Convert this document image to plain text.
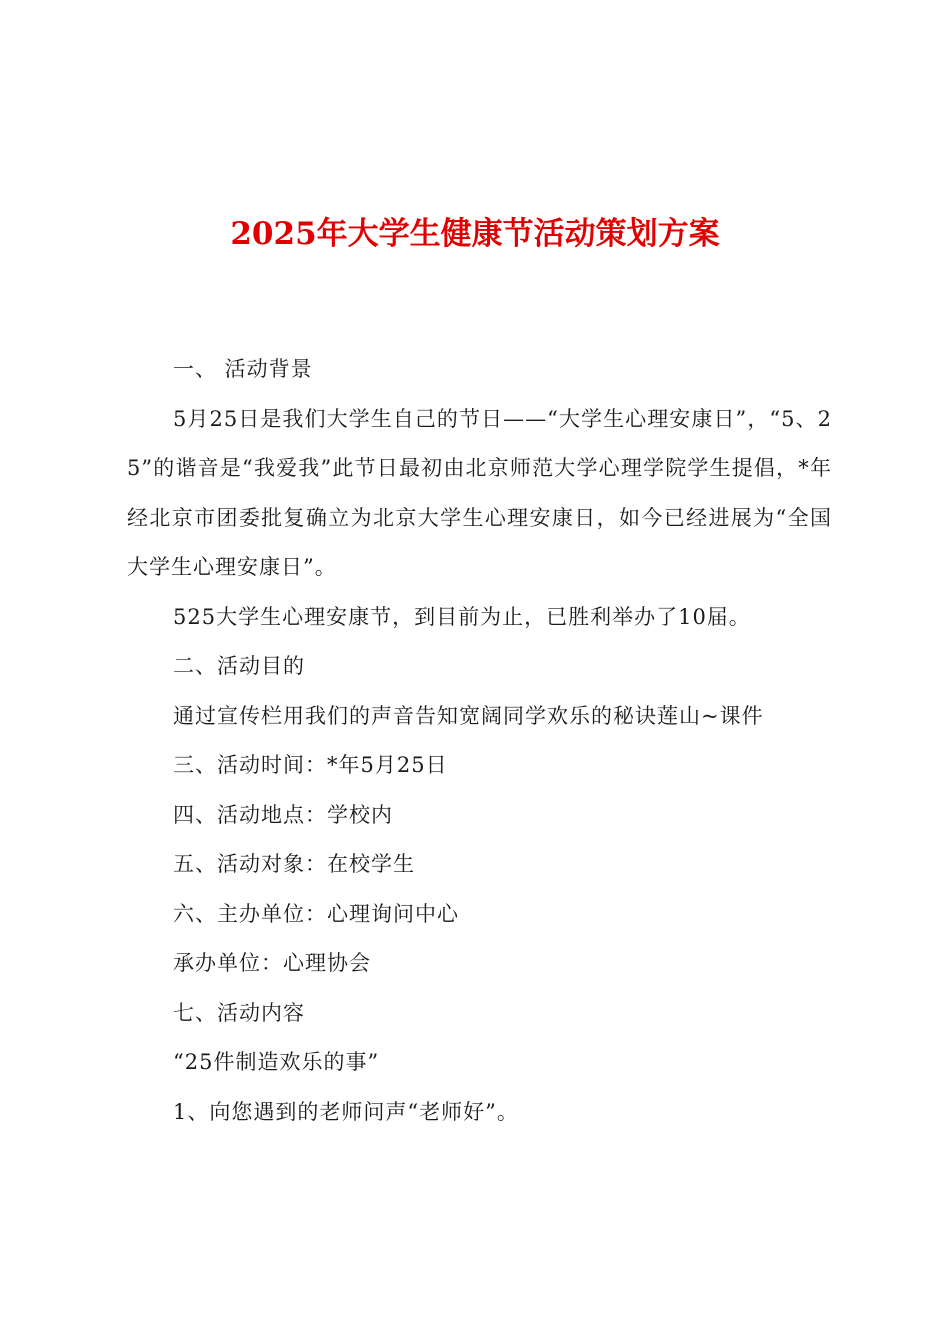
2025年大学生健康节活动策划方案

一、 活动背景

5月25日是我们大学生自己的节日——“大学生心理安康日”，“5、25”的谐音是“我爱我”此节日最初由北京师范大学心理学院学生提倡，*年经北京市团委批复确立为北京大学生心理安康日，如今已经进展为“全国大学生心理安康日”。

525大学生心理安康节，到目前为止，已胜利举办了10届。

二、活动目的

通过宣传栏用我们的声音告知宽阔同学欢乐的秘诀莲山~课件

三、活动时间：*年5月25日

四、活动地点：学校内

五、活动对象：在校学生

六、主办单位：心理询问中心

承办单位：心理协会

七、活动内容

“25件制造欢乐的事”

1、向您遇到的老师问声“老师好”。
